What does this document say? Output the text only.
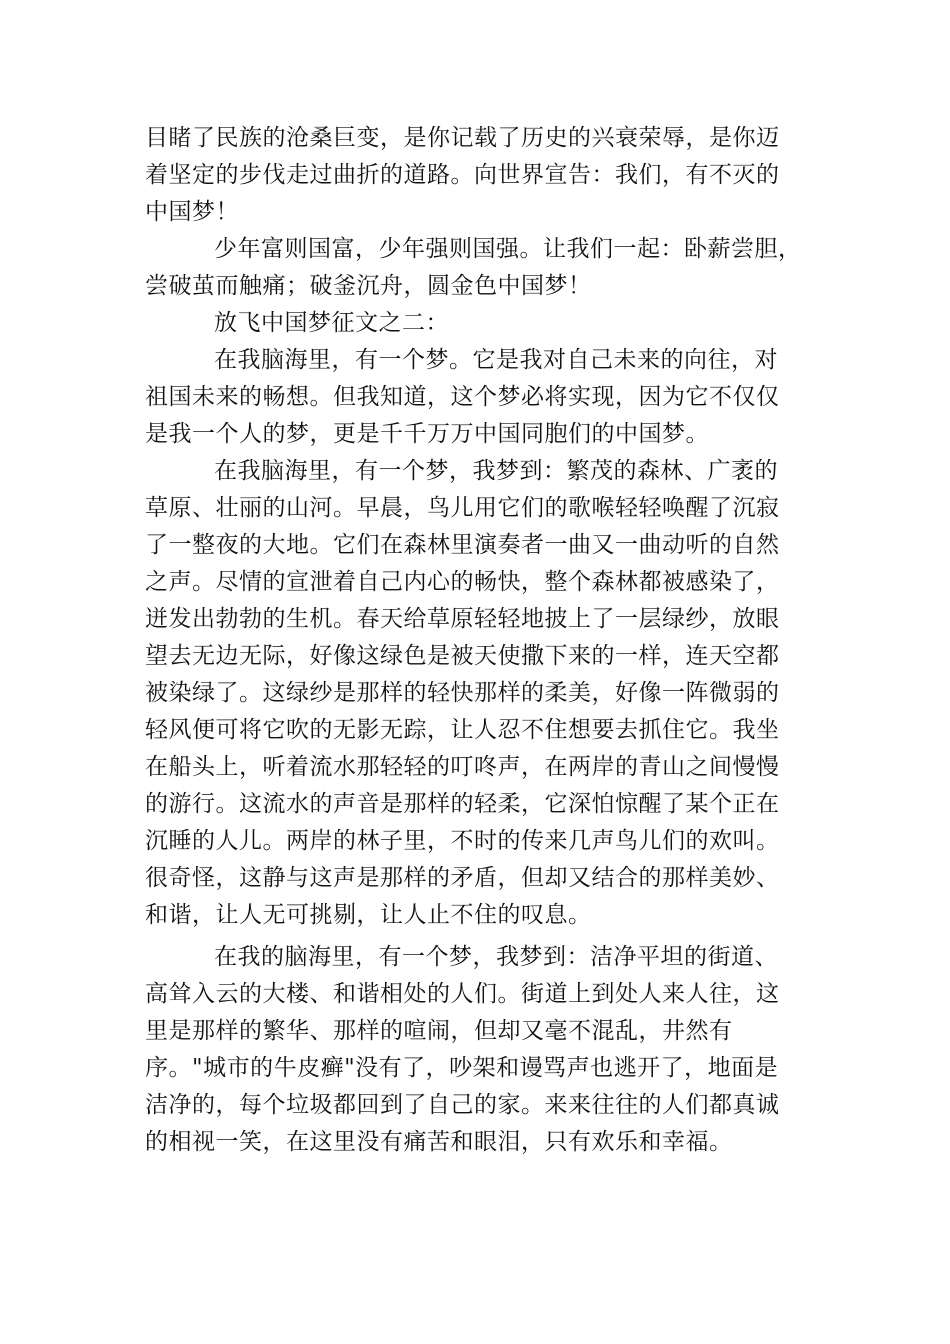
目睹了民族的沧桑巨变，是你记载了历史的兴衰荣辱，是你迈
着坚定的步伐走过曲折的道路。向世界宣告：我们，有不灭的
中国梦！
少年富则国富，少年强则国强。让我们一起：卧薪尝胆，
尝破茧而触痛；破釜沉舟，圆金色中国梦！
放飞中国梦征文之二：
在我脑海里，有一个梦。它是我对自己未来的向往，对
祖国未来的畅想。但我知道，这个梦必将实现，因为它不仅仅
是我一个人的梦，更是千千万万中国同胞们的中国梦。
在我脑海里，有一个梦，我梦到：繁茂的森林、广袤的
草原、壮丽的山河。早晨，鸟儿用它们的歌喉轻轻唤醒了沉寂
了一整夜的大地。它们在森林里演奏者一曲又一曲动听的自然
之声。尽情的宣泄着自己内心的畅快，整个森林都被感染了，
迸发出勃勃的生机。春天给草原轻轻地披上了一层绿纱，放眼
望去无边无际，好像这绿色是被天使撒下来的一样，连天空都
被染绿了。这绿纱是那样的轻快那样的柔美，好像一阵微弱的
轻风便可将它吹的无影无踪，让人忍不住想要去抓住它。我坐
在船头上，听着流水那轻轻的叮咚声，在两岸的青山之间慢慢
的游行。这流水的声音是那样的轻柔，它深怕惊醒了某个正在
沉睡的人儿。两岸的林子里，不时的传来几声鸟儿们的欢叫。
很奇怪，这静与这声是那样的矛盾，但却又结合的那样美妙、
和谐，让人无可挑剔，让人止不住的叹息。
在我的脑海里，有一个梦，我梦到：洁净平坦的街道、
高耸入云的大楼、和谐相处的人们。街道上到处人来人往，这
里是那样的繁华、那样的喧闹，但却又毫不混乱，井然有
序。"城市的牛皮癣"没有了，吵架和谩骂声也逃开了，地面是
洁净的，每个垃圾都回到了自己的家。来来往往的人们都真诚
的相视一笑，在这里没有痛苦和眼泪，只有欢乐和幸福。
